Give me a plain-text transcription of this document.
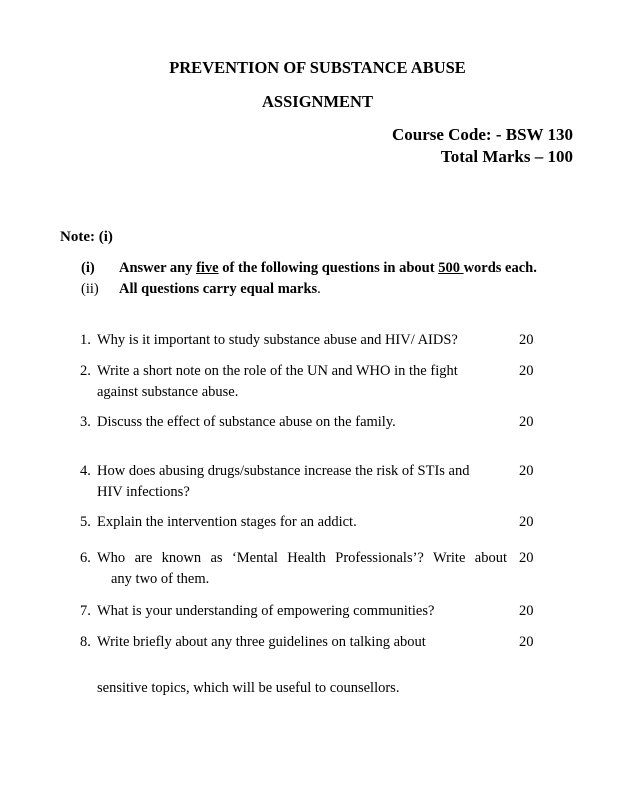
PREVENTION OF SUBSTANCE ABUSE
ASSIGNMENT
Course Code: - BSW 130
Total Marks – 100
Note: (i)
(i) Answer any five of the following questions in about 500 words each.
(ii) All questions carry equal marks.
1. Why is it important to study substance abuse and HIV/ AIDS?	20
2. Write a short note on the role of the UN and WHO in the fight
against substance abuse.
20
3. Discuss the effect of substance abuse on the family.	20
4. How does abusing drugs/substance increase the risk of STIs and
HIV infections?
20
5. Explain the intervention stages for an addict.	20
6. Who are known as ‘Mental Health Professionals’? Write about
any two of them.
20
7. What is your understanding of empowering communities?	20
8. Write briefly about any three guidelines on talking about	20
sensitive topics, which will be useful to counsellors.
